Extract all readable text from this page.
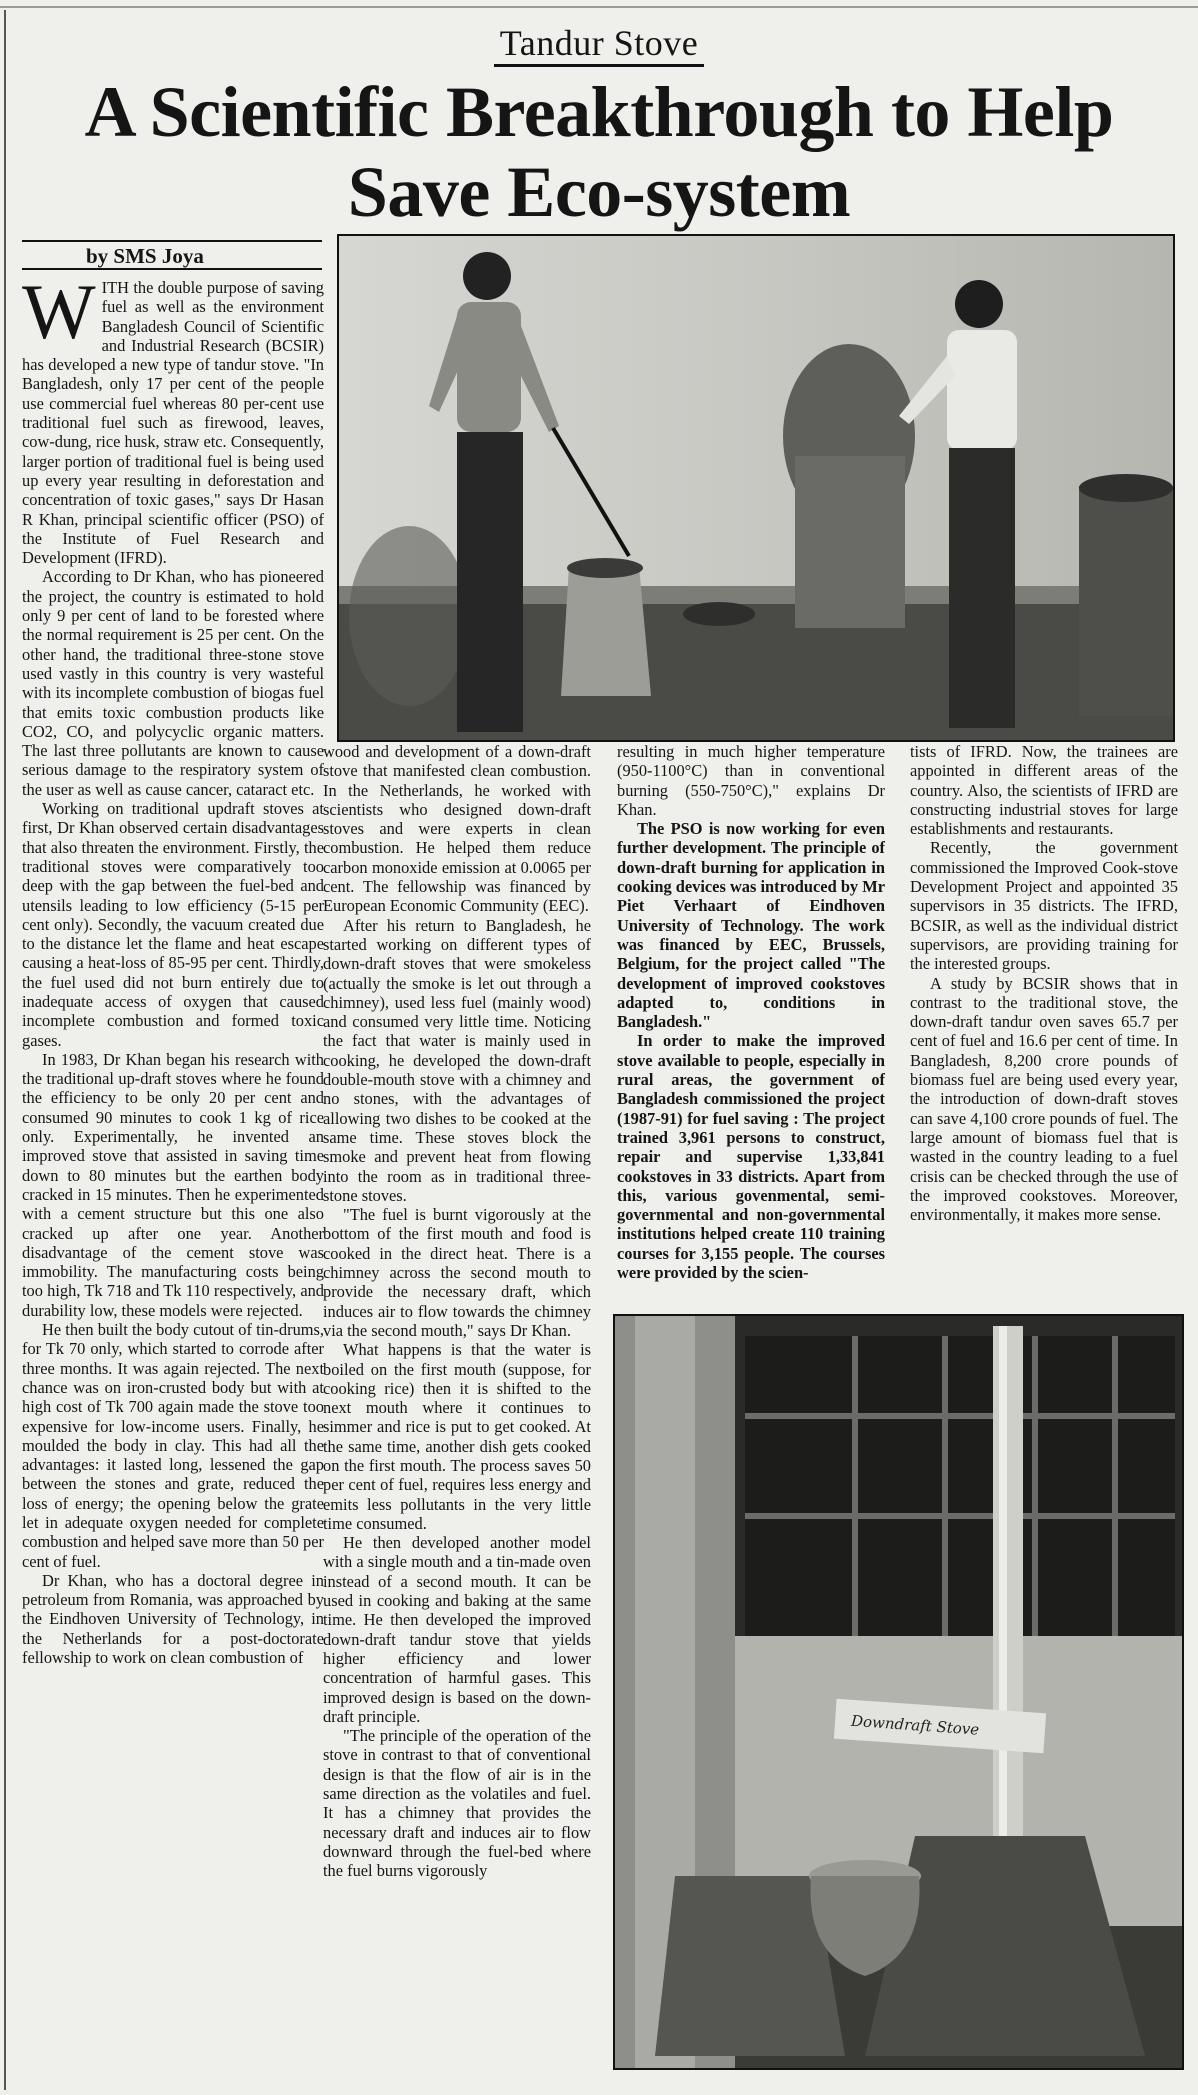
Tandur Stove
A Scientific Breakthrough to Help Save Eco-system
by SMS Joya

WITH the double purpose of saving fuel as well as the environment Bangladesh Council of Scientific and Industrial Research (BCSIR) has developed a new type of tandur stove. "In Bangladesh, only 17 per cent of the people use commercial fuel whereas 80 per-cent use traditional fuel such as firewood, leaves, cow-dung, rice husk, straw etc. Consequently, larger portion of traditional fuel is being used up every year resulting in deforestation and concentration of toxic gases," says Dr Hasan R Khan, principal scientific officer (PSO) of the Institute of Fuel Research and Development (IFRD).

According to Dr Khan, who has pioneered the project, the country is estimated to hold only 9 per cent of land to be forested where the normal requirement is 25 per cent. On the other hand, the traditional three-stone stove used vastly in this country is very wasteful with its incomplete combustion of biogas fuel that emits toxic combustion products like CO2, CO, and polycyclic organic matters. The last three pollutants are known to cause serious damage to the respiratory system of the user as well as cause cancer, cataract etc.

Working on traditional updraft stoves at first, Dr Khan observed certain disadvantages that also threaten the environment. Firstly, the traditional stoves were comparatively too deep with the gap between the fuel-bed and utensils leading to low efficiency (5-15 per cent only). Secondly, the vacuum created due to the distance let the flame and heat escape causing a heat-loss of 85-95 per cent. Thirdly, the fuel used did not burn entirely due to inadequate access of oxygen that caused incomplete combustion and formed toxic gases.

In 1983, Dr Khan began his research with the traditional up-draft stoves where he found the efficiency to be only 20 per cent and consumed 90 minutes to cook 1 kg of rice only. Experimentally, he invented an improved stove that assisted in saving time down to 80 minutes but the earthen body cracked in 15 minutes. Then he experimented with a cement structure but this one also cracked up after one year. Another disadvantage of the cement stove was immobility. The manufacturing costs being too high, Tk 718 and Tk 110 respectively, and durability low, these models were rejected.

He then built the body cutout of tin-drums, for Tk 70 only, which started to corrode after three months. It was again rejected. The next chance was on iron-crusted body but with at high cost of Tk 700 again made the stove too expensive for low-income users. Finally, he moulded the body in clay. This had all the advantages: it lasted long, lessened the gap between the stones and grate, reduced the loss of energy; the opening below the grate let in adequate oxygen needed for complete combustion and helped save more than 50 per cent of fuel.

Dr Khan, who has a doctoral degree in petroleum from Romania, was approached by the Eindhoven University of Technology, in the Netherlands for a post-doctorate fellowship to work on clean combustion of

wood and development of a down-draft stove that manifested clean combustion. In the Netherlands, he worked with scientists who designed down-draft stoves and were experts in clean combustion. He helped them reduce carbon monoxide emission at 0.0065 per cent. The fellowship was financed by European Economic Community (EEC).

After his return to Bangladesh, he started working on different types of down-draft stoves that were smokeless (actually the smoke is let out through a chimney), used less fuel (mainly wood) and consumed very little time. Noticing the fact that water is mainly used in cooking, he developed the down-draft double-mouth stove with a chimney and no stones, with the advantages of allowing two dishes to be cooked at the same time. These stoves block the smoke and prevent heat from flowing into the room as in traditional three-stone stoves.

"The fuel is burnt vigorously at the bottom of the first mouth and food is cooked in the direct heat. There is a chimney across the second mouth to provide the necessary draft, which induces air to flow towards the chimney via the second mouth," says Dr Khan.

What happens is that the water is boiled on the first mouth (suppose, for cooking rice) then it is shifted to the next mouth where it continues to simmer and rice is put to get cooked. At the same time, another dish gets cooked on the first mouth. The process saves 50 per cent of fuel, requires less energy and emits less pollutants in the very little time consumed.

He then developed another model with a single mouth and a tin-made oven instead of a second mouth. It can be used in cooking and baking at the same time. He then developed the improved down-draft tandur stove that yields higher efficiency and lower concentration of harmful gases. This improved design is based on the down-draft principle.

"The principle of the operation of the stove in contrast to that of conventional design is that the flow of air is in the same direction as the volatiles and fuel. It has a chimney that provides the necessary draft and induces air to flow downward through the fuel-bed where the fuel burns vigorously

resulting in much higher temperature (950-1100°C) than in conventional burning (550-750°C)," explains Dr Khan.

The PSO is now working for even further development. The principle of down-draft burning for application in cooking devices was introduced by Mr Piet Verhaart of Eindhoven University of Technology. The work was financed by EEC, Brussels, Belgium, for the project called "The development of improved cookstoves adapted to, conditions in Bangladesh."

In order to make the improved stove available to people, especially in rural areas, the government of Bangladesh commissioned the project (1987-91) for fuel saving : The project trained 3,961 persons to construct, repair and supervise 1,33,841 cookstoves in 33 districts. Apart from this, various govenmental, semi-governmental and non-governmental institutions helped create 110 training courses for 3,155 people. The courses were provided by the scien-

tists of IFRD. Now, the trainees are appointed in different areas of the country. Also, the scientists of IFRD are constructing industrial stoves for large establishments and restaurants.

Recently, the government commissioned the Improved Cook-stove Development Project and appointed 35 supervisors in 35 districts. The IFRD, BCSIR, as well as the individual district supervisors, are providing training for the interested groups.

A study by BCSIR shows that in contrast to the traditional stove, the down-draft tandur oven saves 65.7 per cent of fuel and 16.6 per cent of time. In Bangladesh, 8,200 crore pounds of biomass fuel are being used every year, the introduction of down-draft stoves can save 4,100 crore pounds of fuel. The large amount of biomass fuel that is wasted in the country leading to a fuel crisis can be checked through the use of the improved cookstoves. Moreover, environmentally, it makes more sense.

Downdraft Stove
